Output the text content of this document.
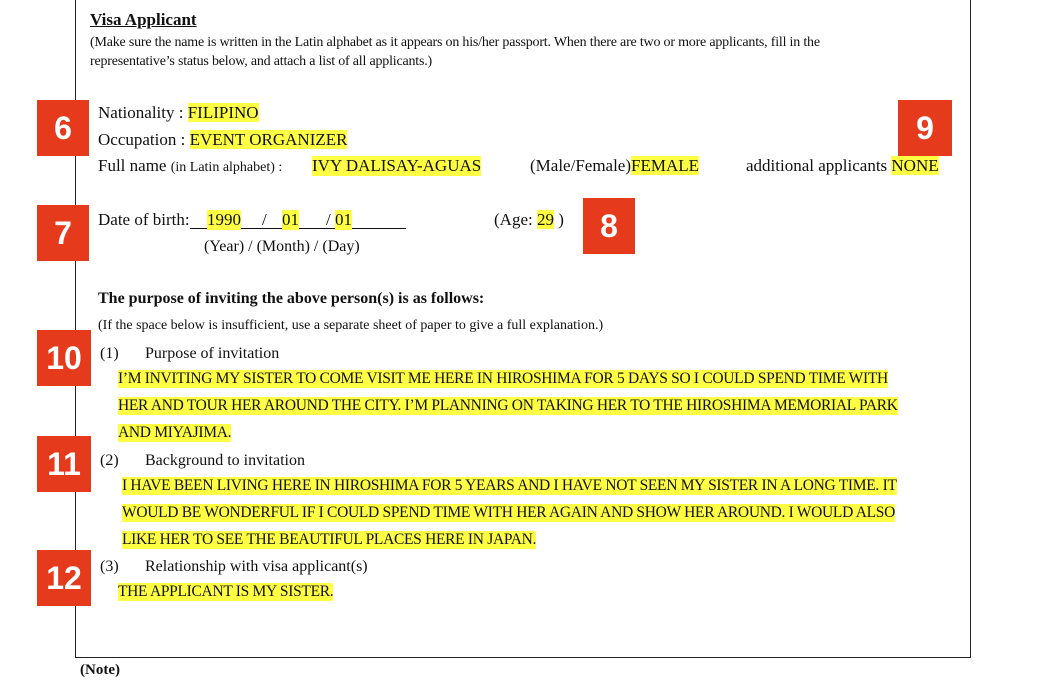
Visa Applicant
(Make sure the name is written in the Latin alphabet as it appears on his/her passport. When there are two or more applicants, fill in the
representative’s status below, and attach a list of all applicants.)
6
7	8
9
10
11
12
Nationality : FILIPINO
Occupation : EVENT ORGANIZER
Full name (in Latin alphabet) : IVY DALISAY-AGUAS	(Male/Female)FEMALE	additional applicants NONE
Date of birth: 1990 / 01 / 01
(Year) / (Month) / (Day)
(Age: 29 )
The purpose of inviting the above person(s) is as follows:
(If the space below is insufficient, use a separate sheet of paper to give a full explanation.)
(1) Purpose of invitation
I’M INVITING MY SISTER TO COME VISIT ME HERE IN HIROSHIMA FOR 5 DAYS SO I COULD SPEND TIME WITH
HER AND TOUR HER AROUND THE CITY. I’M PLANNING ON TAKING HER TO THE HIROSHIMA MEMORIAL PARK
AND MIYAJIMA.
(2) Background to invitation
I HAVE BEEN LIVING HERE IN HIROSHIMA FOR 5 YEARS AND I HAVE NOT SEEN MY SISTER IN A LONG TIME. IT
WOULD BE WONDERFUL IF I COULD SPEND TIME WITH HER AGAIN AND SHOW HER AROUND. I WOULD ALSO
LIKE HER TO SEE THE BEAUTIFUL PLACES HERE IN JAPAN.
(3) Relationship with visa applicant(s)
THE APPLICANT IS MY SISTER.
(Note)
